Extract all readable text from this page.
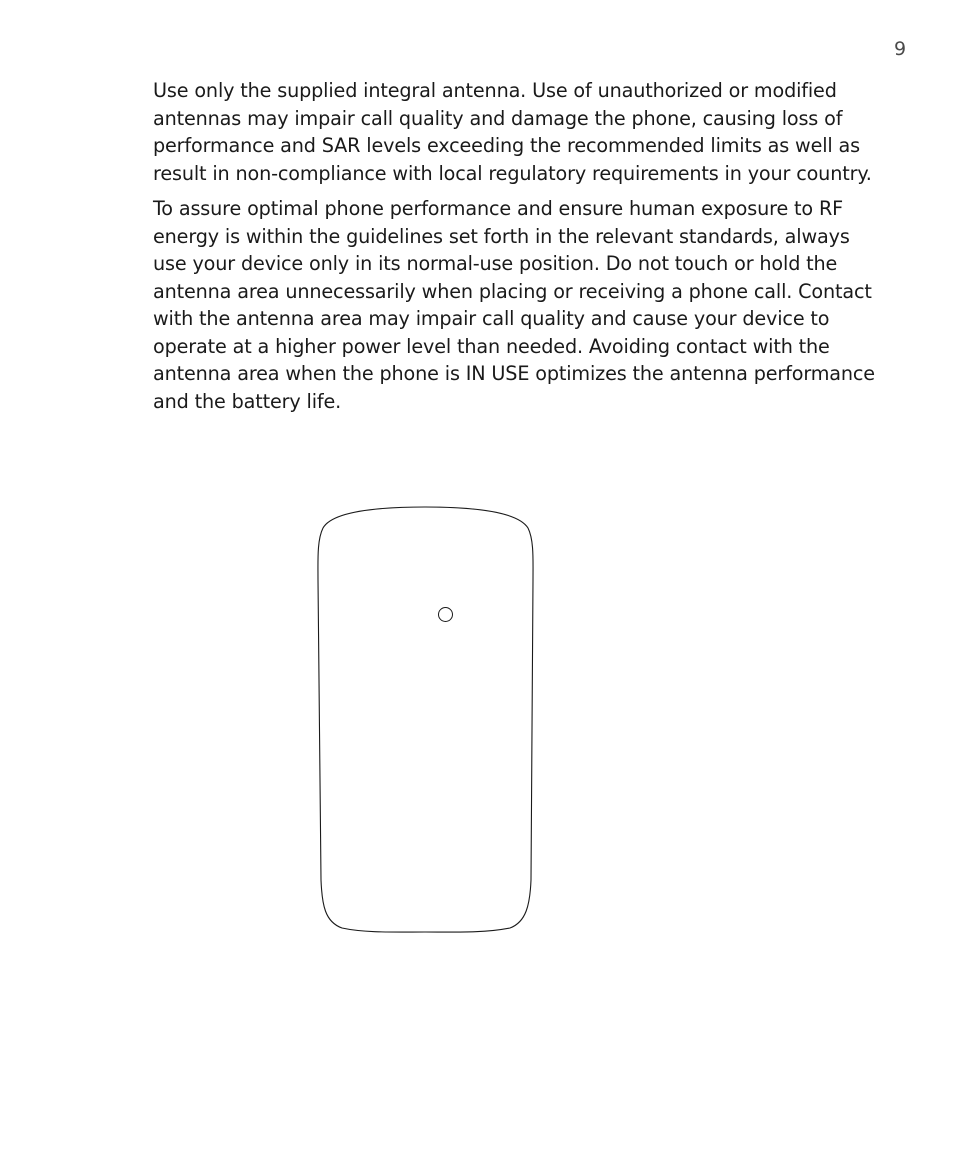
9

Use only the supplied integral antenna. Use of unauthorized or modified antennas may impair call quality and damage the phone, causing loss of performance and SAR levels exceeding the recommended limits as well as result in non-compliance with local regulatory requirements in your country.

To assure optimal phone performance and ensure human exposure to RF energy is within the guidelines set forth in the relevant standards, always use your device only in its normal-use position. Do not touch or hold the antenna area unnecessarily when placing or receiving a phone call. Contact with the antenna area may impair call quality and cause your device to operate at a higher power level than needed. Avoiding contact with the antenna area when the phone is IN USE optimizes the antenna performance and the battery life.
